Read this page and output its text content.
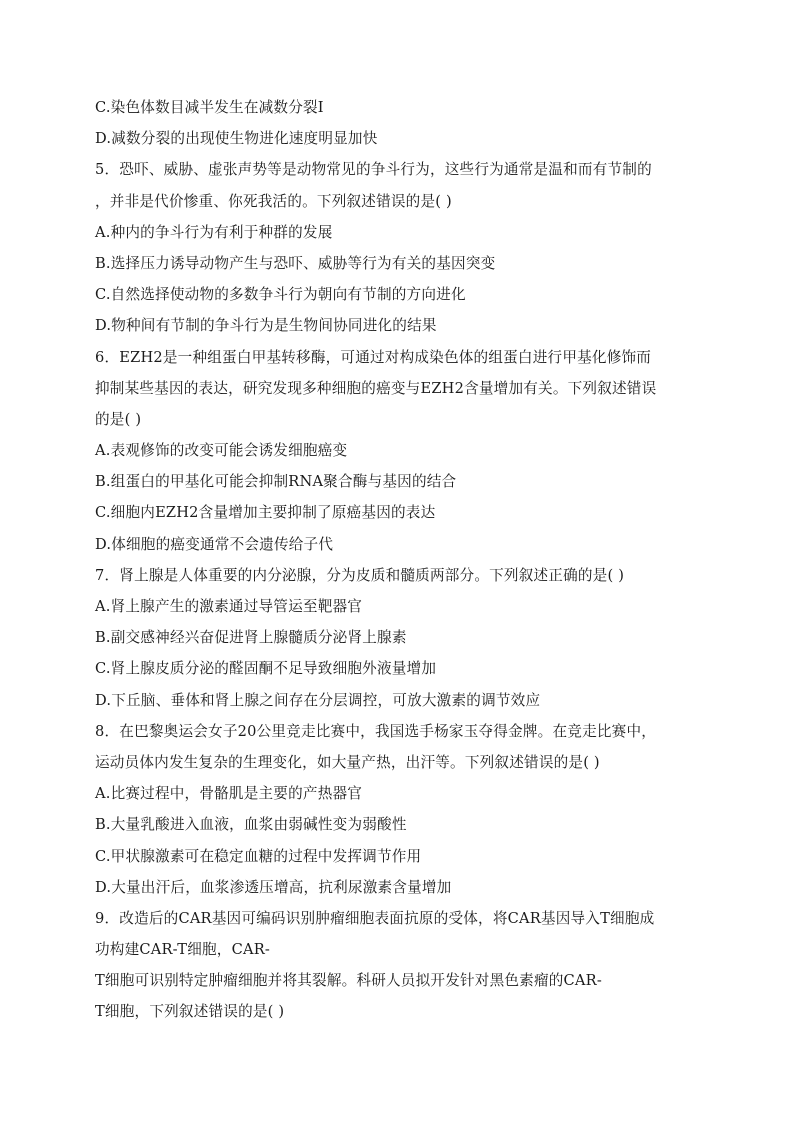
C.染色体数目减半发生在减数分裂I
D.减数分裂的出现使生物进化速度明显加快
5．恐吓、威胁、虚张声势等是动物常见的争斗行为，这些行为通常是温和而有节制的
，并非是代价惨重、你死我活的。下列叙述错误的是( )
A.种内的争斗行为有利于种群的发展
B.选择压力诱导动物产生与恐吓、威胁等行为有关的基因突变
C.自然选择使动物的多数争斗行为朝向有节制的方向进化
D.物种间有节制的争斗行为是生物间协同进化的结果
6．EZH2是一种组蛋白甲基转移酶，可通过对构成染色体的组蛋白进行甲基化修饰而
抑制某些基因的表达，研究发现多种细胞的癌变与EZH2含量增加有关。下列叙述错误
的是( )
A.表观修饰的改变可能会诱发细胞癌变
B.组蛋白的甲基化可能会抑制RNA聚合酶与基因的结合
C.细胞内EZH2含量增加主要抑制了原癌基因的表达
D.体细胞的癌变通常不会遗传给子代
7．肾上腺是人体重要的内分泌腺，分为皮质和髓质两部分。下列叙述正确的是( )
A.肾上腺产生的激素通过导管运至靶器官
B.副交感神经兴奋促进肾上腺髓质分泌肾上腺素
C.肾上腺皮质分泌的醛固酮不足导致细胞外液量增加
D.下丘脑、垂体和肾上腺之间存在分层调控，可放大激素的调节效应
8．在巴黎奥运会女子20公里竞走比赛中，我国选手杨家玉夺得金牌。在竞走比赛中，
运动员体内发生复杂的生理变化，如大量产热，出汗等。下列叙述错误的是( )
A.比赛过程中，骨骼肌是主要的产热器官
B.大量乳酸进入血液，血浆由弱碱性变为弱酸性
C.甲状腺激素可在稳定血糖的过程中发挥调节作用
D.大量出汗后，血浆渗透压增高，抗利尿激素含量增加
9．改造后的CAR基因可编码识别肿瘤细胞表面抗原的受体，将CAR基因导入T细胞成
功构建CAR-T细胞，CAR-
T细胞可识别特定肿瘤细胞并将其裂解。科研人员拟开发针对黑色素瘤的CAR-
T细胞，下列叙述错误的是( )
